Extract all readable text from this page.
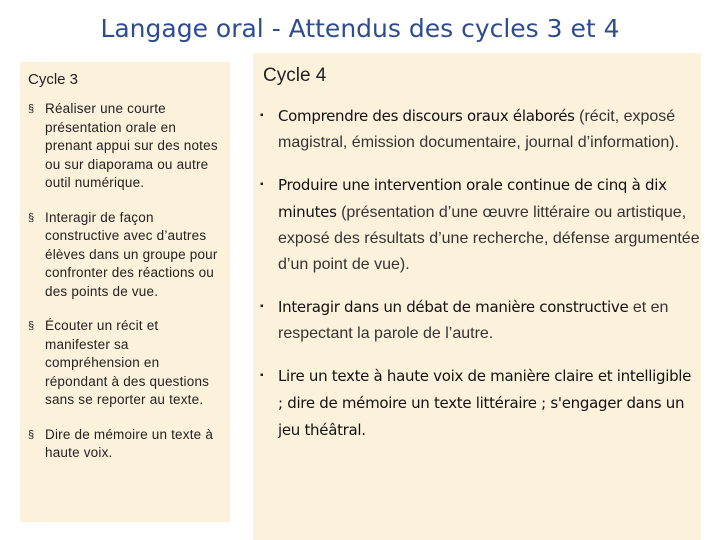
Langage oral - Attendus des cycles 3 et 4
Cycle 3	Cycle 4
§ Réaliser une courte présentation orale en prenant appui sur des notes ou sur diaporama ou autre outil numérique.
§ Interagir de façon constructive avec d’autres élèves dans un groupe pour confronter des réactions ou des points de vue.
§ Écouter un récit et manifester sa compréhension en répondant à des questions sans se reporter au texte.
§ Dire de mémoire un texte à haute voix.
▪ Comprendre des discours oraux élaborés (récit, exposé magistral, émission documentaire, journal d’information).
▪ Produire une intervention orale continue de cinq à dix minutes (présentation d’une œuvre littéraire ou artistique, exposé des résultats d’une recherche, défense argumentée d’un point de vue).
▪ Interagir dans un débat de manière constructive et en respectant la parole de l’autre.
▪ Lire un texte à haute voix de manière claire et intelligible ; dire de mémoire un texte littéraire ; s'engager dans un jeu théâtral.
